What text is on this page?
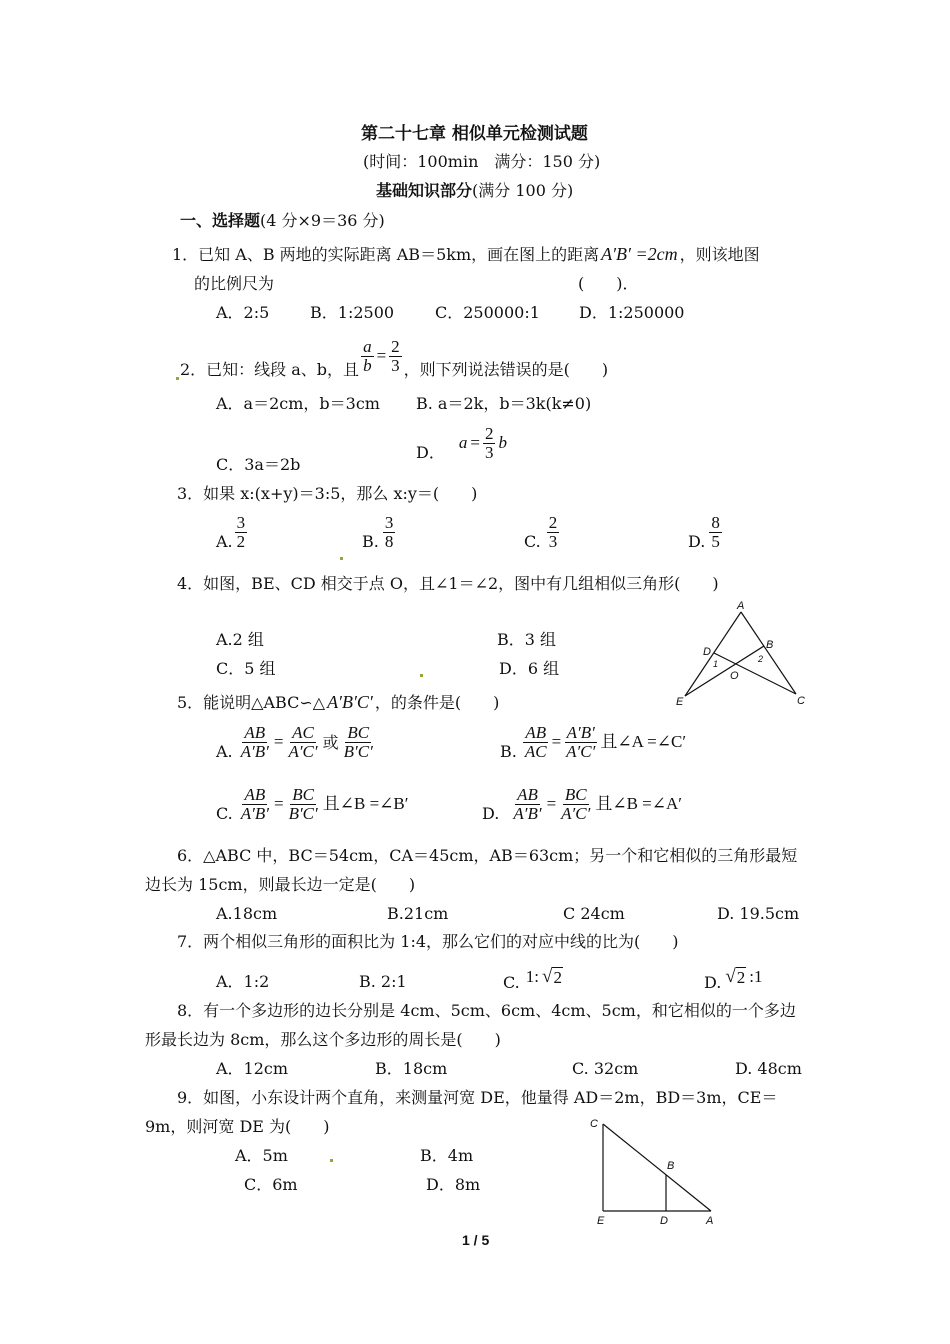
第二十七章 相似单元检测试题
(时间：100min　满分：150 分)
基础知识部分(满分 100 分)
一、选择题(4 分×9＝36 分)
1．已知 A、B 两地的实际距离 AB＝5km，画在图上的距离 A′B′ =2cm ，则该地图
的比例尺为　　　　　　　　　　　　　　　　　　　(　　)．
A．2:5	B．1:2500	C．250000:1 D．1:250000
2．已知：线段 a、b，且 $\frac{a}{b} = \frac{2}{3}$ ，则下列说法错误的是(　　)
A．a＝2cm，b＝3cm B. a＝2k，b＝3k(k≠0)
C．3a＝2b
D． $a = \frac{2}{3}$ b
3．如果 x:(x+y)＝3:5，那么 x:y＝(　　)
A. $\frac{3}{2}$	B. $\frac{3}{8}$	C. $\frac{2}{3}$	D. $\frac{8}{5}$
4．如图，BE、CD 相交于点 O，且∠1＝∠2，图中有几组相似三角形(　　)
A.2 组	B．3 组
C．5 组	D．6 组
A
D
B
1	2
O
E	C
5．能说明△ABC∽△ A′B′C′ ，的条件是(　　)
A. $\frac{AB}{A'B'} = \frac{AC}{A'C'}$ 或 $\frac{BC}{B'C'}$	B. $\frac{AB}{AC} = \frac{A'B'}{A'C'}$ 且∠A =∠C′
C. $\frac{AB}{A'B'} = \frac{BC}{B'C'}$ 且∠B =∠B′	D. $\frac{AB}{A'B'} = \frac{BC}{A'C'}$ 且∠B =∠A′
6．△ABC 中，BC＝54cm，CA＝45cm，AB＝63cm；另一个和它相似的三角形最短
边长为 15cm，则最长边一定是(　　)
A.18cm	B.21cm	C 24cm	D. 19.5cm
7．两个相似三角形的面积比为 1:4，那么它们的对应中线的比为(　　)
A．1:2	B. 2:1	C. 1: √ 2	D. √ 2 :1
8．有一个多边形的边长分别是 4cm、5cm、6cm、4cm、5cm，和它相似的一个多边
形最长边为 8cm，那么这个多边形的周长是(　　)
A．12cm	B．18cm	C. 32cm	D. 48cm
9．如图，小东设计两个直角，来测量河宽 DE，他量得 AD＝2m，BD＝3m，CE＝
9m，则河宽 DE 为(　　)
A．5m	B．4m
C．6m	D．8m
C
B
E	D	A
1 / 5
